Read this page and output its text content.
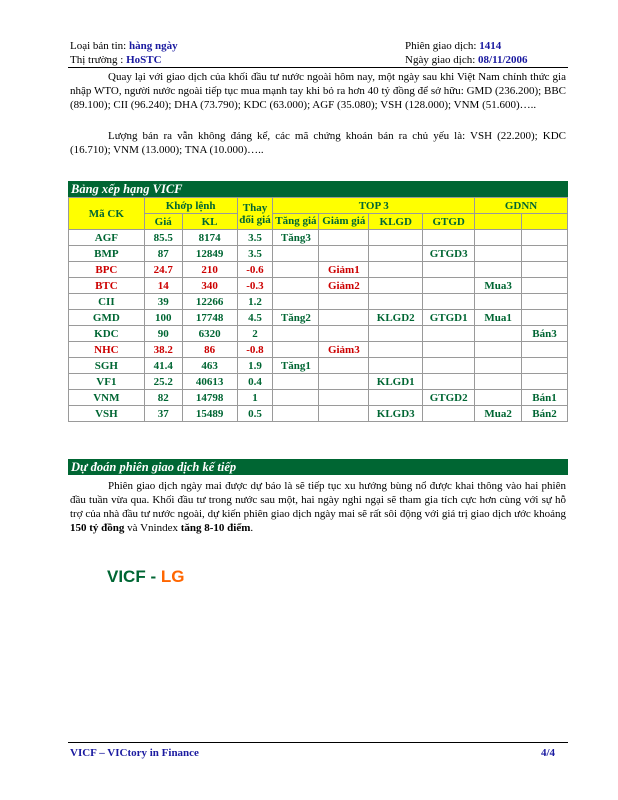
Loại bản tin: hàng ngày
Thị trường : HoSTC
Phiên giao dịch: 1414
Ngày giao dịch: 08/11/2006
Quay lại với giao dịch của khối đầu tư nước ngoài hôm nay, một ngày sau khi Việt Nam chính thức gia nhập WTO, người nước ngoài tiếp tục mua mạnh tay khi bỏ ra hơn 40 tỷ đồng để sở hữu: GMD (236.200); BBC (89.100); CII (96.240); DHA (73.790); KDC (63.000); AGF (35.080); VSH (128.000); VNM (51.600)…..
Lượng bán ra vẫn không đáng kể, các mã chứng khoán bán ra chủ yếu là: VSH (22.200); KDC (16.710); VNM (13.000); TNA (10.000)…..
Bảng xếp hạng VICF
Mã CK	Khớp lệnh		Thay đổi giá	TOP 3				GDNN	
				Tăng giá	Giảm giá	KLGD	GTGD		
	Giá	KL							
AGF	85.5	8174	3.5	Tăng3					
BMP	87	12849	3.5				GTGD3		
BPC	24.7	210	-0.6		Giảm1				
BTC	14	340	-0.3		Giảm2			Mua3	
CII	39	12266	1.2						
GMD	100	17748	4.5	Tăng2		KLGD2	GTGD1	Mua1	
KDC	90	6320	2						Bán3
NHC	38.2	86	-0.8		Giảm3				
SGH	41.4	463	1.9	Tăng1					
VF1	25.2	40613	0.4			KLGD1			
VNM	82	14798	1				GTGD2		Bán1
VSH	37	15489	0.5			KLGD3		Mua2	Bán2
Dự đoán phiên giao dịch kế tiếp
Phiên giao dịch ngày mai được dự báo là sẽ tiếp tục xu hướng bùng nổ được khai thông vào hai phiên đầu tuần vừa qua. Khối đầu tư trong nước sau một, hai ngày nghi ngại sẽ tham gia tích cực hơn cùng với sự hỗ trợ của nhà đầu tư nước ngoài, dự kiến phiên giao dịch ngày mai sẽ rất sôi động với giá trị giao dịch ước khoảng 150 tỷ đồng và Vnindex tăng 8-10 điểm.
VICF - LG
VICF – VICtory in Finance	4/4
